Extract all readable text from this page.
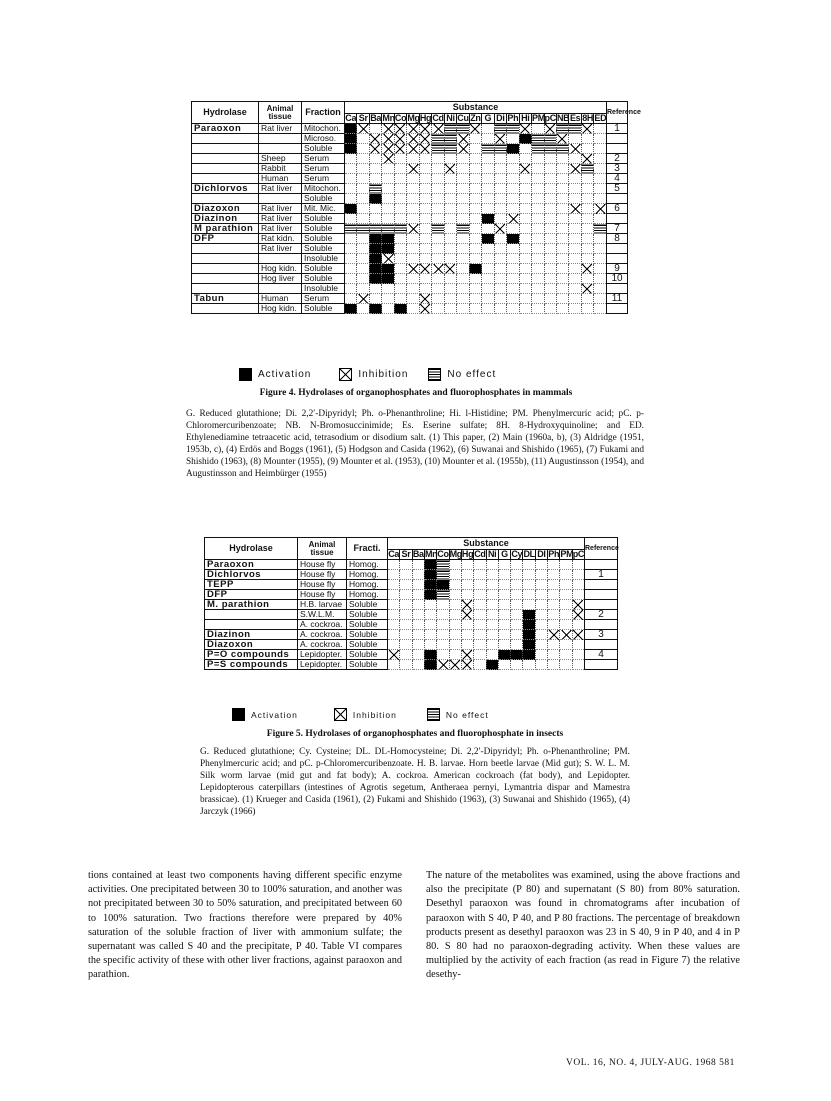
Hydrolase	Animal tissue	Fraction	Substance																					Reference
			Ca	Sr	Ba	Mn	Co	Mg	Hg	Cd	Ni	Cu	Zn	G	Di	Ph	Hi	PM	pC	NB	Es	8H	ED	
Paraoxon	Rat liver	Mitochon.																						1
		Microso.																						
		Soluble																						
	Sheep	Serum																						2
	Rabbit	Serum																						3
	Human	Serum																						4
Dichlorvos	Rat liver	Mitochon.																						5
		Soluble																						
Diazoxon	Rat liver	Mit. Mic.																						6
Diazinon	Rat liver	Soluble																						
M parathion	Rat liver	Soluble																						7
DFP	Rat kidn.	Soluble																						8
	Rat liver	Soluble																						
		Insoluble																						
	Hog kidn.	Soluble																						9
	Hog liver	Soluble																						10
		Insoluble																						
Tabun	Human	Serum																						11
	Hog kidn.	Soluble																						
Activation	Inhibition	No effect
Figure 4. Hydrolases of organophosphates and fluorophosphates in mammals
G. Reduced glutathione; Di. 2,2′-Dipyridyl; Ph. o-Phenanthroline; Hi. l-Histidine; PM. Phenylmercuric acid; pC. p-Chloromercuribenzoate; NB. N-Bromosuccinimide; Es. Eserine sulfate; 8H. 8-Hydroxyquinoline; and ED. Ethylenediamine tetraacetic acid, tetrasodium or disodium salt. (1) This paper, (2) Main (1960a, b), (3) Aldridge (1951, 1953b, c), (4) Erdös and Boggs (1961), (5) Hodgson and Casida (1962), (6) Suwanai and Shishido (1965), (7) Fukami and Shishido (1963), (8) Mounter (1955), (9) Mounter et al. (1953), (10) Mounter et al. (1955b), (11) Augustinsson (1954), and Augustinsson and Heimbürger (1955)
Hydrolase	Animal tissue	Fracti.	Substance																Reference
			Ca	Sr	Ba	Mn	Co	Mg	Hg	Cd	Ni	G	Cy	DL	DI	Ph	PM	pC	
Paraoxon	House fly	Homog.																	
Dichlorvos	House fly	Homog.																	1
TEPP	House fly	Homog.																	
DFP	House fly	Homog.																	
M. parathion	H.B. larvae	Soluble																	
	S.W.L.M.	Soluble																	2
	A. cockroa.	Soluble																	
Diazinon	A. cockroa.	Soluble																	3
Diazoxon	A. cockroa.	Soluble																	
P=O compounds	Lepidopter.	Soluble																	4
P=S compounds	Lepidopter.	Soluble																	
Activation	Inhibition	No effect
Figure 5. Hydrolases of organophosphates and fluorophosphate in insects
G. Reduced glutathione; Cy. Cysteine; DL. DL-Homocysteine; Di. 2,2′-Dipyridyl; Ph. o-Phenanthroline; PM. Phenylmercuric acid; and pC. p-Chloromercuribenzoate. H. B. larvae. Horn beetle larvae (Mid gut); S. W. L. M. Silk worm larvae (mid gut and fat body); A. cockroa. American cockroach (fat body), and Lepidopter. Lepidopterous caterpillars (intestines of Agrotis segetum, Antheraea pernyi, Lymantria dispar and Mamestra brassicae). (1) Krueger and Casida (1961), (2) Fukami and Shishido (1963), (3) Suwanai and Shishido (1965), (4) Jarczyk (1966)
tions contained at least two components having different specific enzyme activities. One precipitated between 30 to 100% saturation, and another was not precipitated between 30 to 50% saturation, and precipitated between 60 to 100% saturation. Two fractions therefore were prepared by 40% saturation of the soluble fraction of liver with ammonium sulfate; the supernatant was called S 40 and the precipitate, P 40. Table VI compares the specific activity of these with other liver fractions, against paraoxon and parathion.
The nature of the metabolites was examined, using the above fractions and also the precipitate (P 80) and supernatant (S 80) from 80% saturation. Desethyl paraoxon was found in chromatograms after incubation of paraoxon with S 40, P 40, and P 80 fractions. The percentage of breakdown products present as desethyl paraoxon was 23 in S 40, 9 in P 40, and 4 in P 80. S 80 had no paraoxon-degrading activity. When these values are multiplied by the activity of each fraction (as read in Figure 7) the relative desethy-
VOL. 16, NO. 4, JULY-AUG. 1968 581
